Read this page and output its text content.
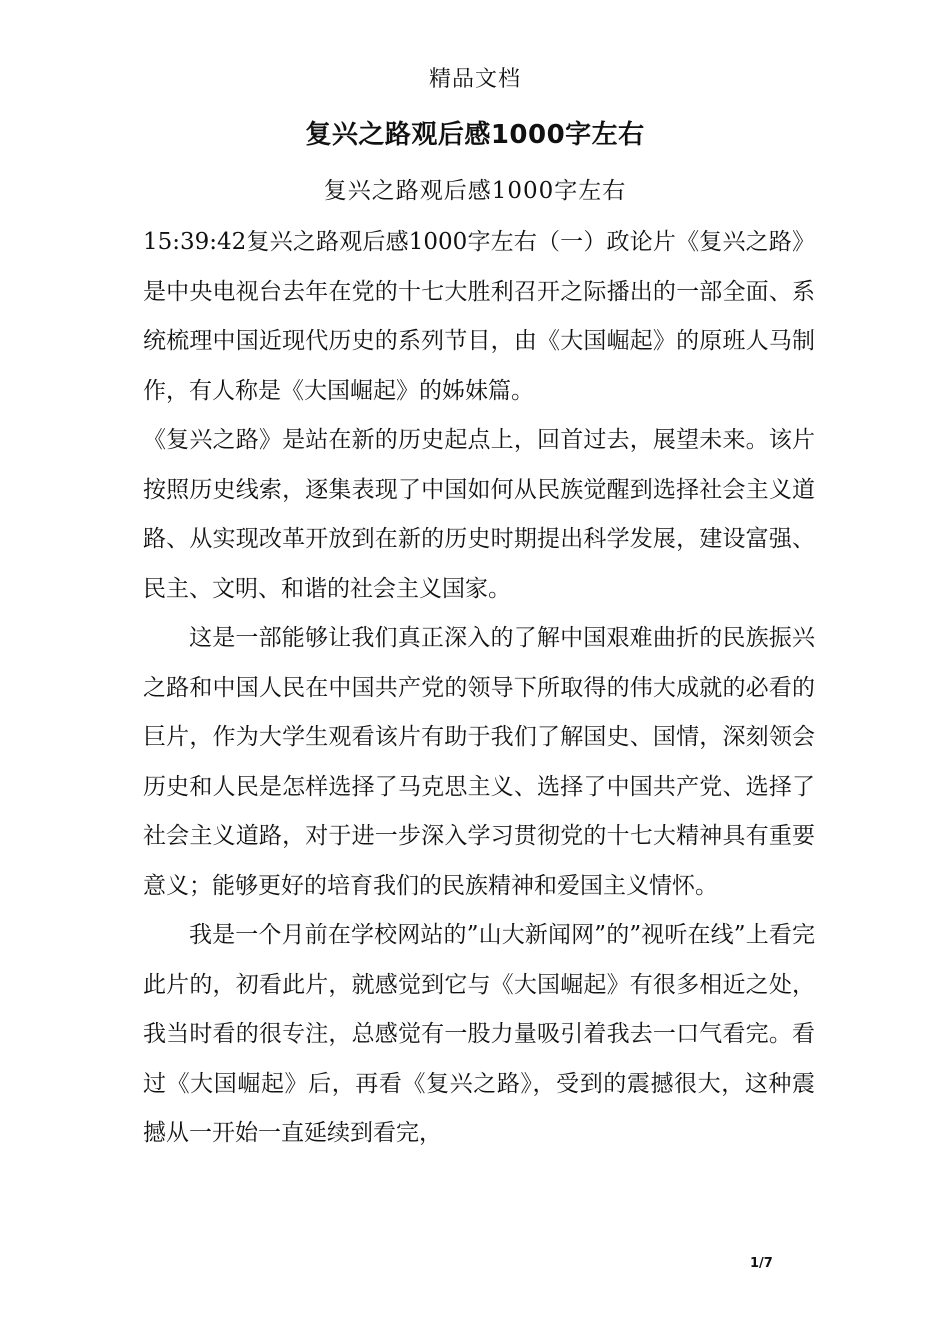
精品文档
复兴之路观后感1000字左右
复兴之路观后感1000字左右

15:39:42复兴之路观后感1000字左右（一）政论片《复兴之路》是中央电视台去年在党的十七大胜利召开之际播出的一部全面、系统梳理中国近现代历史的系列节目，由《大国崛起》的原班人马制作，有人称是《大国崛起》的姊妹篇。

《复兴之路》是站在新的历史起点上，回首过去，展望未来。该片按照历史线索，逐集表现了中国如何从民族觉醒到选择社会主义道路、从实现改革开放到在新的历史时期提出科学发展，建设富强、民主、文明、和谐的社会主义国家。

这是一部能够让我们真正深入的了解中国艰难曲折的民族振兴之路和中国人民在中国共产党的领导下所取得的伟大成就的必看的巨片，作为大学生观看该片有助于我们了解国史、国情，深刻领会历史和人民是怎样选择了马克思主义、选择了中国共产党、选择了社会主义道路，对于进一步深入学习贯彻党的十七大精神具有重要意义；能够更好的培育我们的民族精神和爱国主义情怀。

我是一个月前在学校网站的”山大新闻网”的”视听在线”上看完此片的，初看此片，就感觉到它与《大国崛起》有很多相近之处，我当时看的很专注，总感觉有一股力量吸引着我去一口气看完。看过《大国崛起》后，再看《复兴之路》，受到的震撼很大，这种震撼从一开始一直延续到看完，

1/7
